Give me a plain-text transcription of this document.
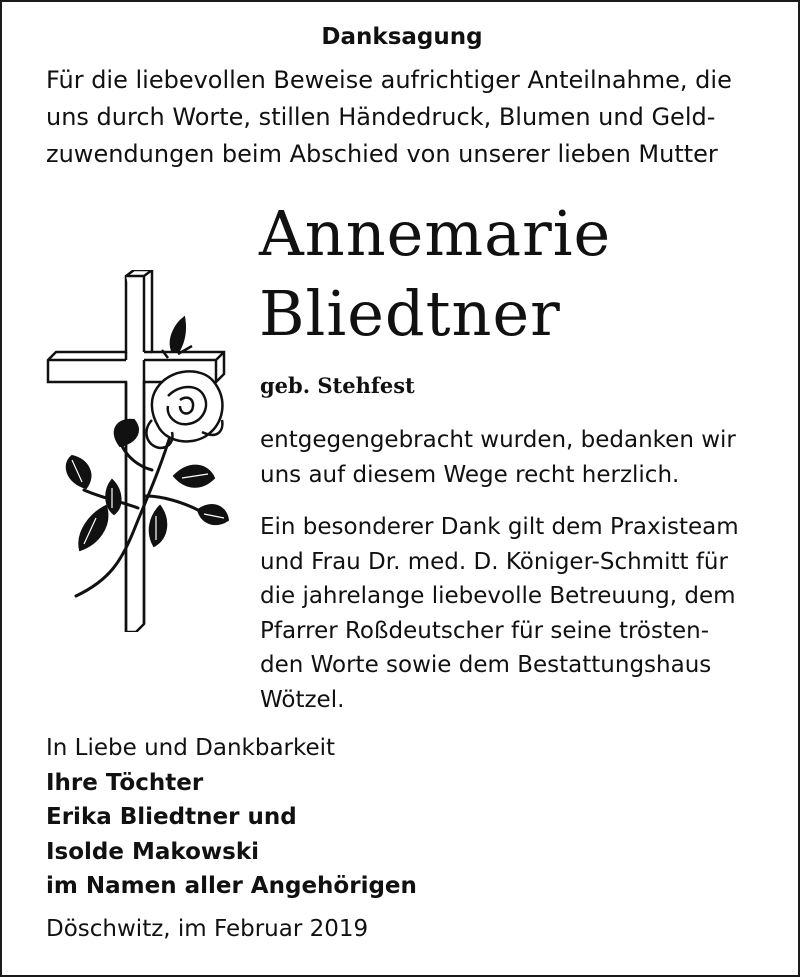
Danksagung
Für die liebevollen Beweise aufrichtiger Anteilnahme, die
uns durch Worte, stillen Händedruck, Blumen und Geld-
zuwendungen beim Abschied von unserer lieben Mutter
Annemarie
Bliedtner
geb. Stehfest
entgegengebracht wurden, bedanken wir
uns auf diesem Wege recht herzlich.
Ein besonderer Dank gilt dem Praxisteam
und Frau Dr. med. D. Königer-Schmitt für
die jahrelange liebevolle Betreuung, dem
Pfarrer Roßdeutscher für seine trösten-
den Worte sowie dem Bestattungshaus
Wötzel.
In Liebe und Dankbarkeit
Ihre Töchter
Erika Bliedtner und
Isolde Makowski
im Namen aller Angehörigen
Döschwitz, im Februar 2019
